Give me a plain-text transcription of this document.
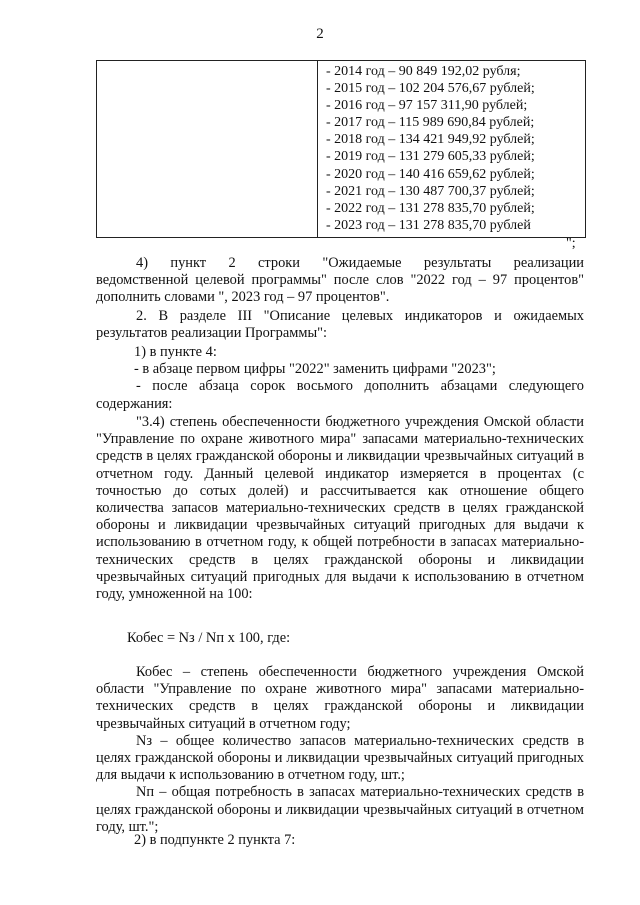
2

- 2014 год – 90 849 192,02 рубля;
- 2015 год – 102 204 576,67 рублей;
- 2016 год – 97 157 311,90 рублей;
- 2017 год – 115 989 690,84 рублей;
- 2018 год – 134 421 949,92 рублей;
- 2019 год – 131 279 605,33 рублей;
- 2020 год – 140 416 659,62 рублей;
- 2021 год – 130 487 700,37 рублей;
- 2022 год – 131 278 835,70 рублей;
- 2023 год – 131 278 835,70 рублей
";

4) пункт 2 строки "Ожидаемые результаты реализации

ведомственной целевой программы" после слов "2022 год – 97 процентов" дополнить словами ", 2023 год – 97 процентов".

2. В разделе III "Описание целевых индикаторов и ожидаемых

результатов реализации Программы":

1) в пункте 4:

- в абзаце первом цифры "2022" заменить цифрами "2023";

- после абзаца сорок восьмого дополнить абзацами следующего

содержания:

"3.4) степень обеспеченности бюджетного учреждения Омской области "Управление по охране животного мира" запасами материально-технических средств в целях гражданской обороны и ликвидации чрезвычайных ситуаций в отчетном году. Данный целевой индикатор измеряется в процентах (с точностью до сотых долей) и рассчитывается как отношение общего количества запасов материально-технических средств в целях гражданской обороны и ликвидации чрезвычайных ситуаций пригодных для выдачи к использованию в отчетном году, к общей потребности в запасах материально-технических средств в целях гражданской обороны и ликвидации чрезвычайных ситуаций пригодных для выдачи к использованию в отчетном году, умноженной на 100:

Кобес = Nз / Nп x 100, где:

Кобес – степень обеспеченности бюджетного учреждения Омской области "Управление по охране животного мира" запасами материально-технических средств в целях гражданской обороны и ликвидации чрезвычайных ситуаций в отчетном году;

Nз – общее количество запасов материально-технических средств в целях гражданской обороны и ликвидации чрезвычайных ситуаций пригодных для выдачи к использованию в отчетном году, шт.;

Nп – общая потребность в запасах материально-технических средств в целях гражданской обороны и ликвидации чрезвычайных ситуаций в отчетном году, шт.";

2) в подпункте 2 пункта 7:
